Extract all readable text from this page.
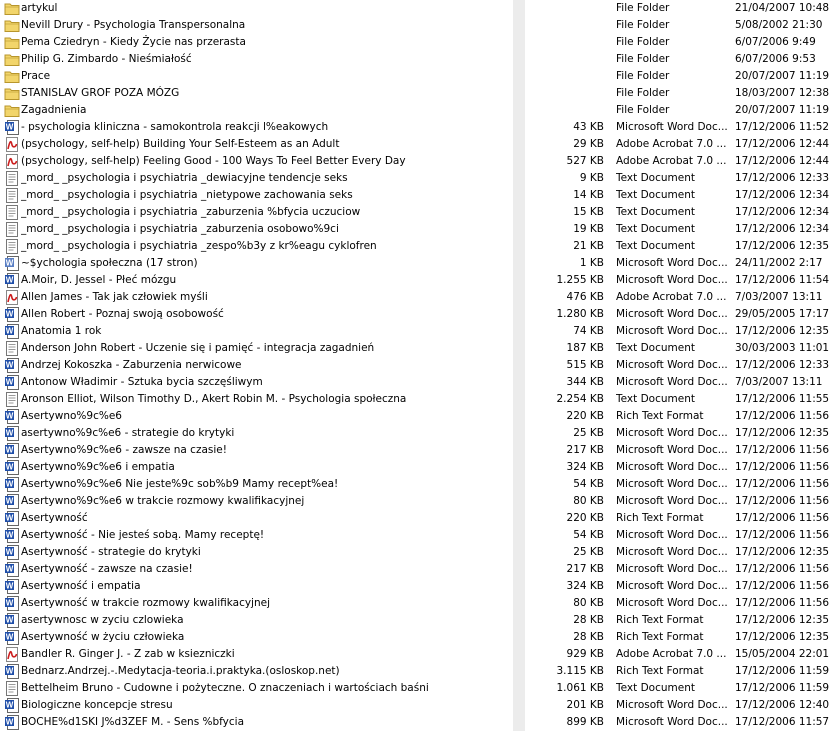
artykul	File Folder	21/04/2007 10:48
Nevill Drury - Psychologia Transpersonalna	File Folder	5/08/2002 21:30
Pema Cziedryn - Kiedy Życie nas przerasta	File Folder	6/07/2006 9:49
Philip G. Zimbardo - Nieśmiałość	File Folder	6/07/2006 9:53
Prace	File Folder	20/07/2007 11:19
STANISLAV GROF POZA MÓZG	File Folder	18/03/2007 12:38
Zagadnienia	File Folder	20/07/2007 11:19
W - psychologia kliniczna - samokontrola reakcji l%eakowych	43 KB Microsoft Word Doc... 17/12/2006 11:52
(psychology, self-help) Building Your Self-Esteem as an Adult	29 KB Adobe Acrobat 7.0 ... 17/12/2006 12:44
(psychology, self-help) Feeling Good - 100 Ways To Feel Better Every Day	527 KB Adobe Acrobat 7.0 ... 17/12/2006 12:44
_mord_ _psychologia i psychiatria _dewiacyjne tendencje seks	9 KB Text Document	17/12/2006 12:33
_mord_ _psychologia i psychiatria _nietypowe zachowania seks	14 KB Text Document	17/12/2006 12:34
_mord_ _psychologia i psychiatria _zaburzenia %bfycia uczuciow	15 KB Text Document	17/12/2006 12:34
_mord_ _psychologia i psychiatria _zaburzenia osobowo%9ci	19 KB Text Document	17/12/2006 12:34
_mord_ _psychologia i psychiatria _zespo%b3y z kr%eagu cyklofren	21 KB Text Document	17/12/2006 12:35
W ~$ychologia społeczna (17 stron)	1 KB Microsoft Word Doc... 24/11/2002 2:17
W A.Moir, D. Jessel - Płeć mózgu	1.255 KB Microsoft Word Doc... 17/12/2006 11:54
Allen James - Tak jak człowiek myśli	476 KB Adobe Acrobat 7.0 ... 7/03/2007 13:11
W Allen Robert - Poznaj swoją osobowość	1.280 KB Microsoft Word Doc... 29/05/2005 17:17
W Anatomia 1 rok	74 KB Microsoft Word Doc... 17/12/2006 12:35
Anderson John Robert - Uczenie się i pamięć - integracja zagadnień	187 KB Text Document	30/03/2003 11:01
W Andrzej Kokoszka - Zaburzenia nerwicowe	515 KB Microsoft Word Doc... 17/12/2006 12:33
W Antonow Władimir - Sztuka bycia szczęśliwym	344 KB Microsoft Word Doc... 7/03/2007 13:11
Aronson Elliot, Wilson Timothy D., Akert Robin M. - Psychologia społeczna	2.254 KB Text Document	17/12/2006 11:55
W Asertywno%9c%e6	220 KB Rich Text Format	17/12/2006 11:56
W asertywno%9c%e6 - strategie do krytyki	25 KB Microsoft Word Doc... 17/12/2006 12:35
W Asertywno%9c%e6 - zawsze na czasie!	217 KB Microsoft Word Doc... 17/12/2006 11:56
W Asertywno%9c%e6 i empatia	324 KB Microsoft Word Doc... 17/12/2006 11:56
W Asertywno%9c%e6 Nie jeste%9c sob%b9 Mamy recept%ea!	54 KB Microsoft Word Doc... 17/12/2006 11:56
W Asertywno%9c%e6 w trakcie rozmowy kwalifikacyjnej	80 KB Microsoft Word Doc... 17/12/2006 11:56
W Asertywność	220 KB Rich Text Format	17/12/2006 11:56
W Asertywność - Nie jesteś sobą. Mamy receptę!	54 KB Microsoft Word Doc... 17/12/2006 11:56
W Asertywność - strategie do krytyki	25 KB Microsoft Word Doc... 17/12/2006 12:35
W Asertywność - zawsze na czasie!	217 KB Microsoft Word Doc... 17/12/2006 11:56
W Asertywność i empatia	324 KB Microsoft Word Doc... 17/12/2006 11:56
W Asertywność w trakcie rozmowy kwalifikacyjnej	80 KB Microsoft Word Doc... 17/12/2006 11:56
W asertywnosc w zyciu czlowieka	28 KB Rich Text Format	17/12/2006 12:35
W Asertywność w życiu człowieka	28 KB Rich Text Format	17/12/2006 12:35
Bandler R. Ginger J. - Z zab w ksiezniczki	929 KB Adobe Acrobat 7.0 ... 15/05/2004 22:01
W Bednarz.Andrzej.-.Medytacja-teoria.i.praktyka.(osloskop.net)	3.115 KB Rich Text Format	17/12/2006 11:59
Bettelheim Bruno - Cudowne i pożyteczne. O znaczeniach i wartościach baśni	1.061 KB Text Document	17/12/2006 11:59
W Biologiczne koncepcje stresu	201 KB Microsoft Word Doc... 17/12/2006 12:40
W BOCHE%d1SKI J%d3ZEF M. - Sens %bfycia	899 KB Microsoft Word Doc... 17/12/2006 11:57
